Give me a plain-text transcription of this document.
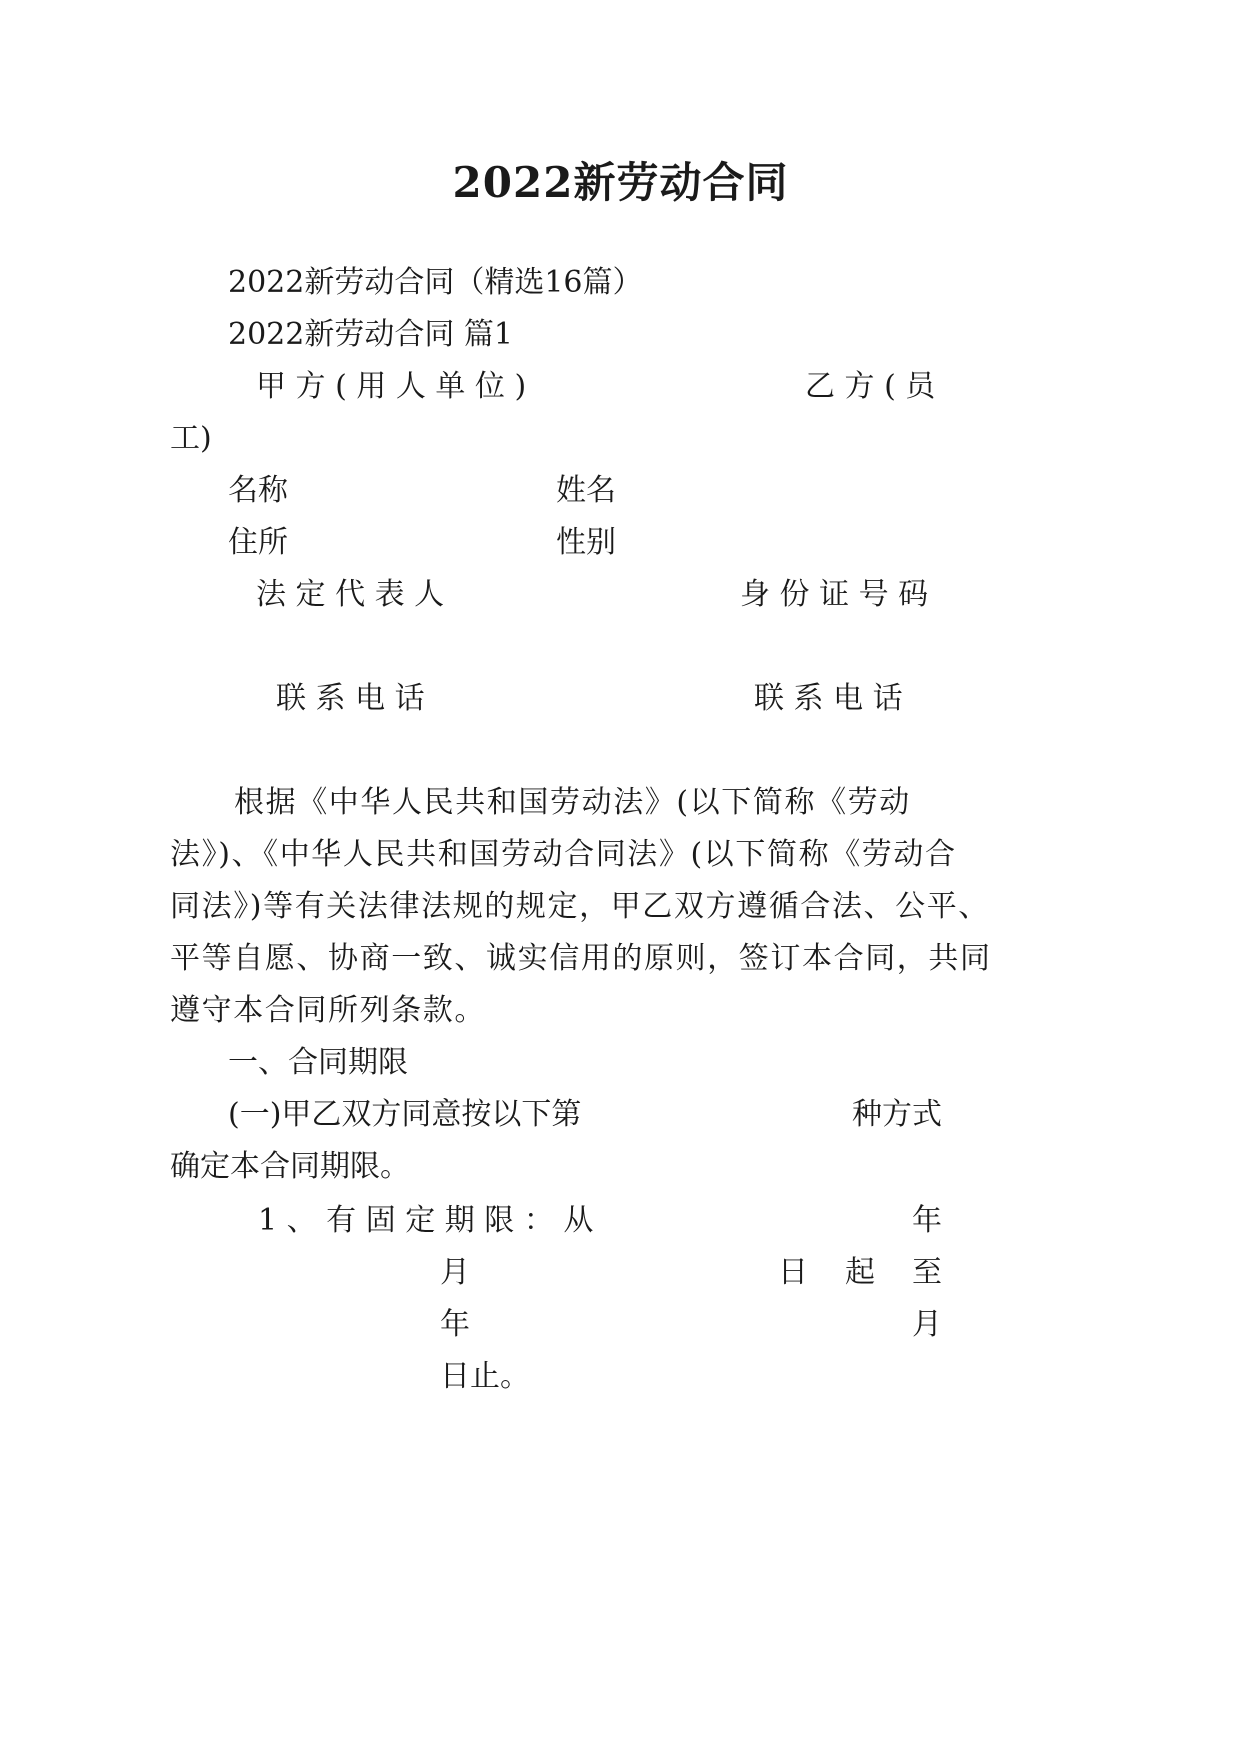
2022新劳动合同
2022新劳动合同（精选16篇）
2022新劳动合同 篇1
甲 方 ( 用 人 单 位 )	乙 方 ( 员
工)
名称	姓名
住所	性别
法 定 代 表 人	身 份 证 号 码
联 系 电 话	联 系 电 话
根据《中华人民共和国劳动法》(以下简称《劳动
法》)、《中华人民共和国劳动合同法》(以下简称《劳动合
同法》)等有关法律法规的规定，甲乙双方遵循合法、公平、
平等自愿、协商一致、诚实信用的原则，签订本合同，共同
遵守本合同所列条款。
一、合同期限
(一)甲乙双方同意按以下第	种方式
确定本合同期限。
1 、 有 固 定 期 限 ： 从	年
月	日 起 至
年	月
日止。
